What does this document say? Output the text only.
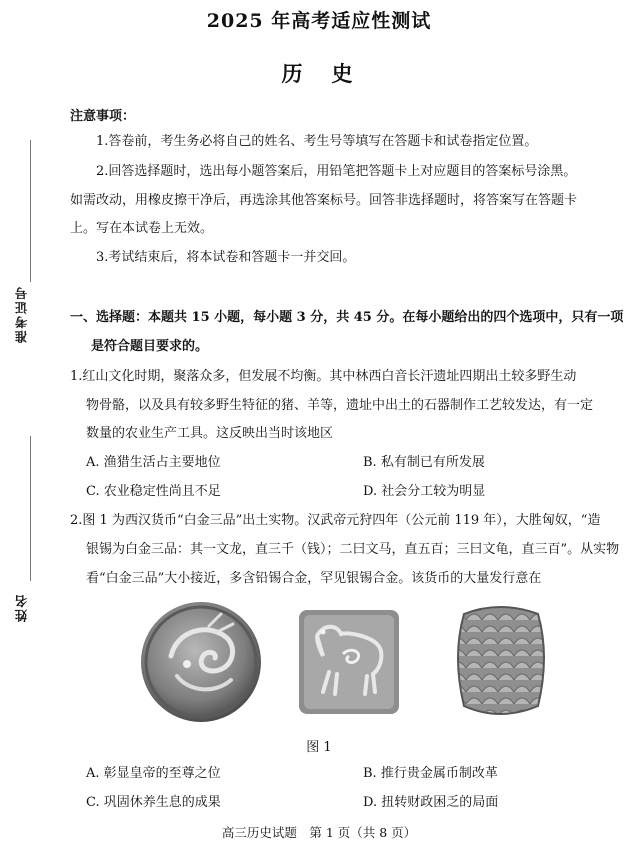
2025 年高考适应性测试
历　史
准考证号
姓名
注意事项：
1.答卷前，考生务必将自己的姓名、考生号等填写在答题卡和试卷指定位置。
2.回答选择题时，选出每小题答案后，用铅笔把答题卡上对应题目的答案标号涂黑。
如需改动，用橡皮擦干净后，再选涂其他答案标号。回答非选择题时，将答案写在答题卡
上。写在本试卷上无效。
3.考试结束后，将本试卷和答题卡一并交回。
一、选择题：本题共 15 小题，每小题 3 分，共 45 分。在每小题给出的四个选项中，只有一项
是符合题目要求的。
1.红山文化时期，聚落众多，但发展不均衡。其中林西白音长汗遗址四期出土较多野生动
物骨骼，以及具有较多野生特征的猪、羊等，遗址中出土的石器制作工艺较发达，有一定
数量的农业生产工具。这反映出当时该地区
A. 渔猎生活占主要地位	B. 私有制已有所发展
C. 农业稳定性尚且不足	D. 社会分工较为明显
2.图 1 为西汉货币“白金三品”出土实物。汉武帝元狩四年（公元前 119 年），大胜匈奴，“造
银锡为白金三品：其一文龙，直三千（钱）；二曰文马，直五百；三曰文龟，直三百”。从实物
看“白金三品”大小接近，多含铅锡合金，罕见银锡合金。该货币的大量发行意在
图 1
A. 彰显皇帝的至尊之位	B. 推行贵金属币制改革
C. 巩固休养生息的成果	D. 扭转财政困乏的局面
高三历史试题　第 1 页（共 8 页）
